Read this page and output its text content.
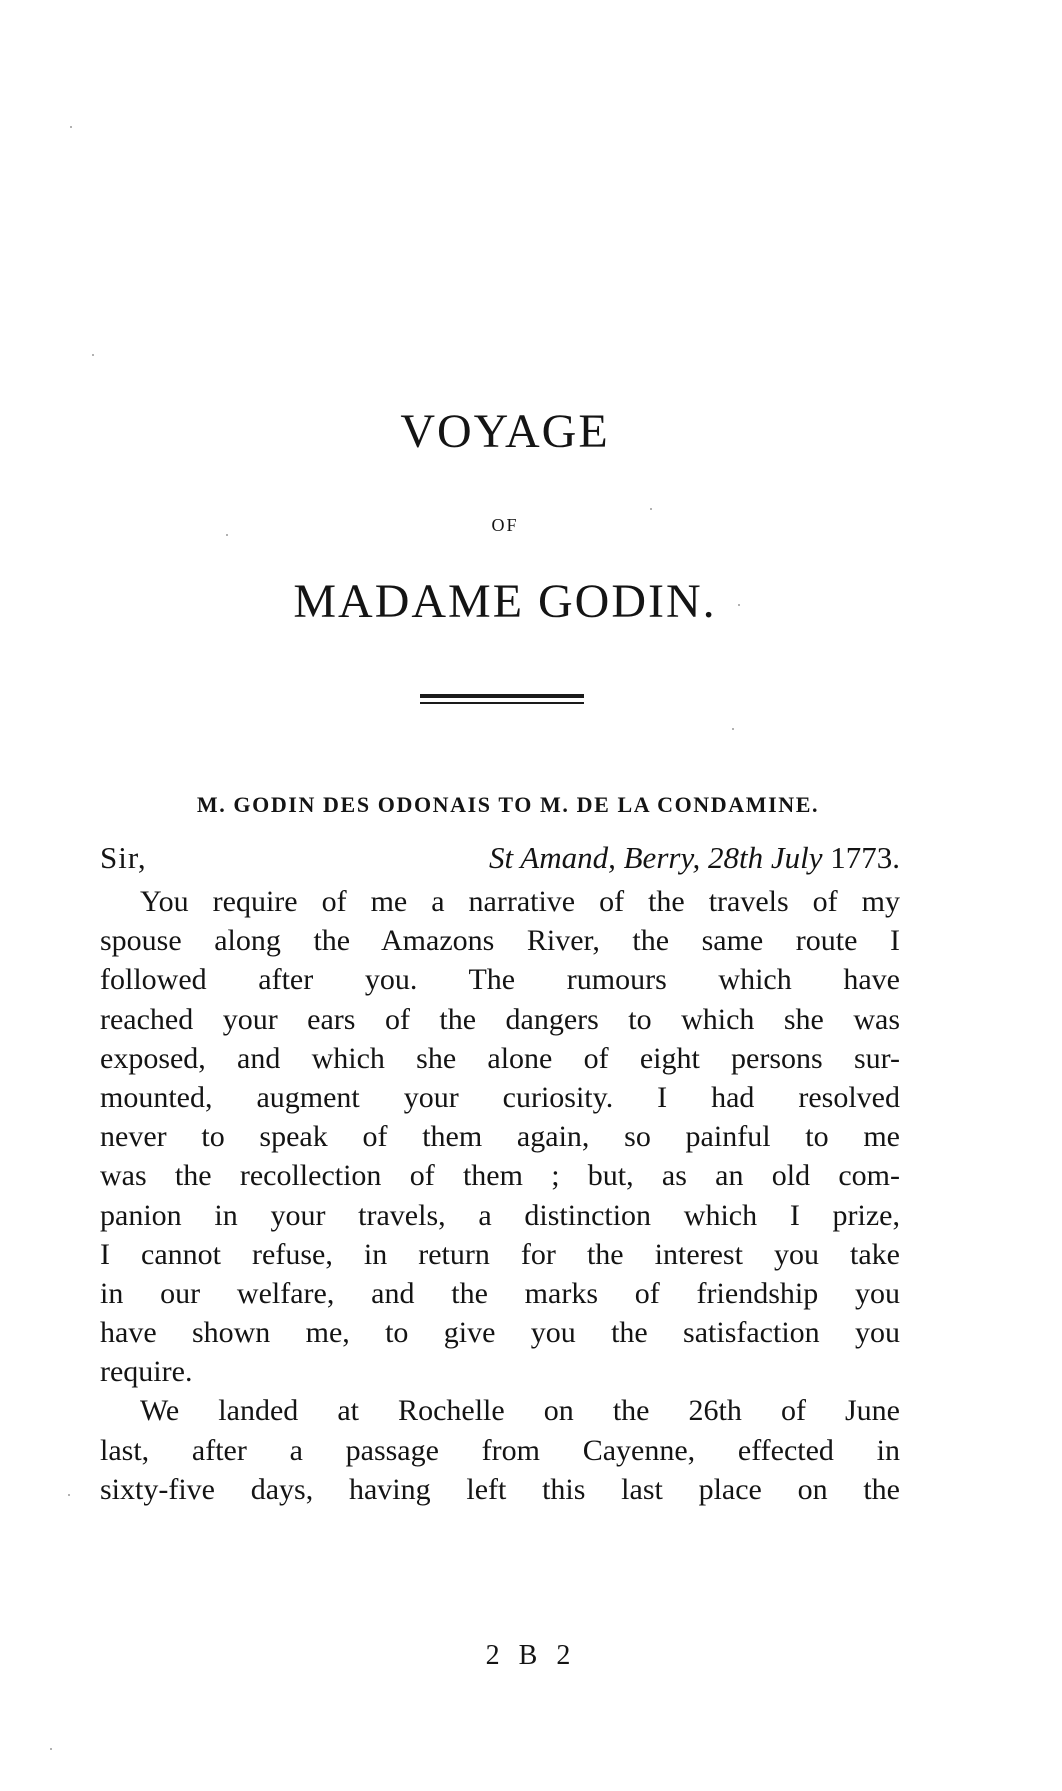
VOYAGE
OF
MADAME GODIN.
M. GODIN DES ODONAIS TO M. DE LA CONDAMINE.
Sir,	St Amand, Berry, 28th July 1773.
You require of me a narrative of the travels of my
spouse along the Amazons River, the same route I
followed after you. The rumours which have
reached your ears of the dangers to which she was
exposed, and which she alone of eight persons sur-
mounted, augment your curiosity. I had resolved
never to speak of them again, so painful to me
was the recollection of them ; but, as an old com-
panion in your travels, a distinction which I prize,
I cannot refuse, in return for the interest you take
in our welfare, and the marks of friendship you
have shown me, to give you the satisfaction you
require.
We landed at Rochelle on the 26th of June
last, after a passage from Cayenne, effected in
sixty-five days, having left this last place on the
2 B 2
